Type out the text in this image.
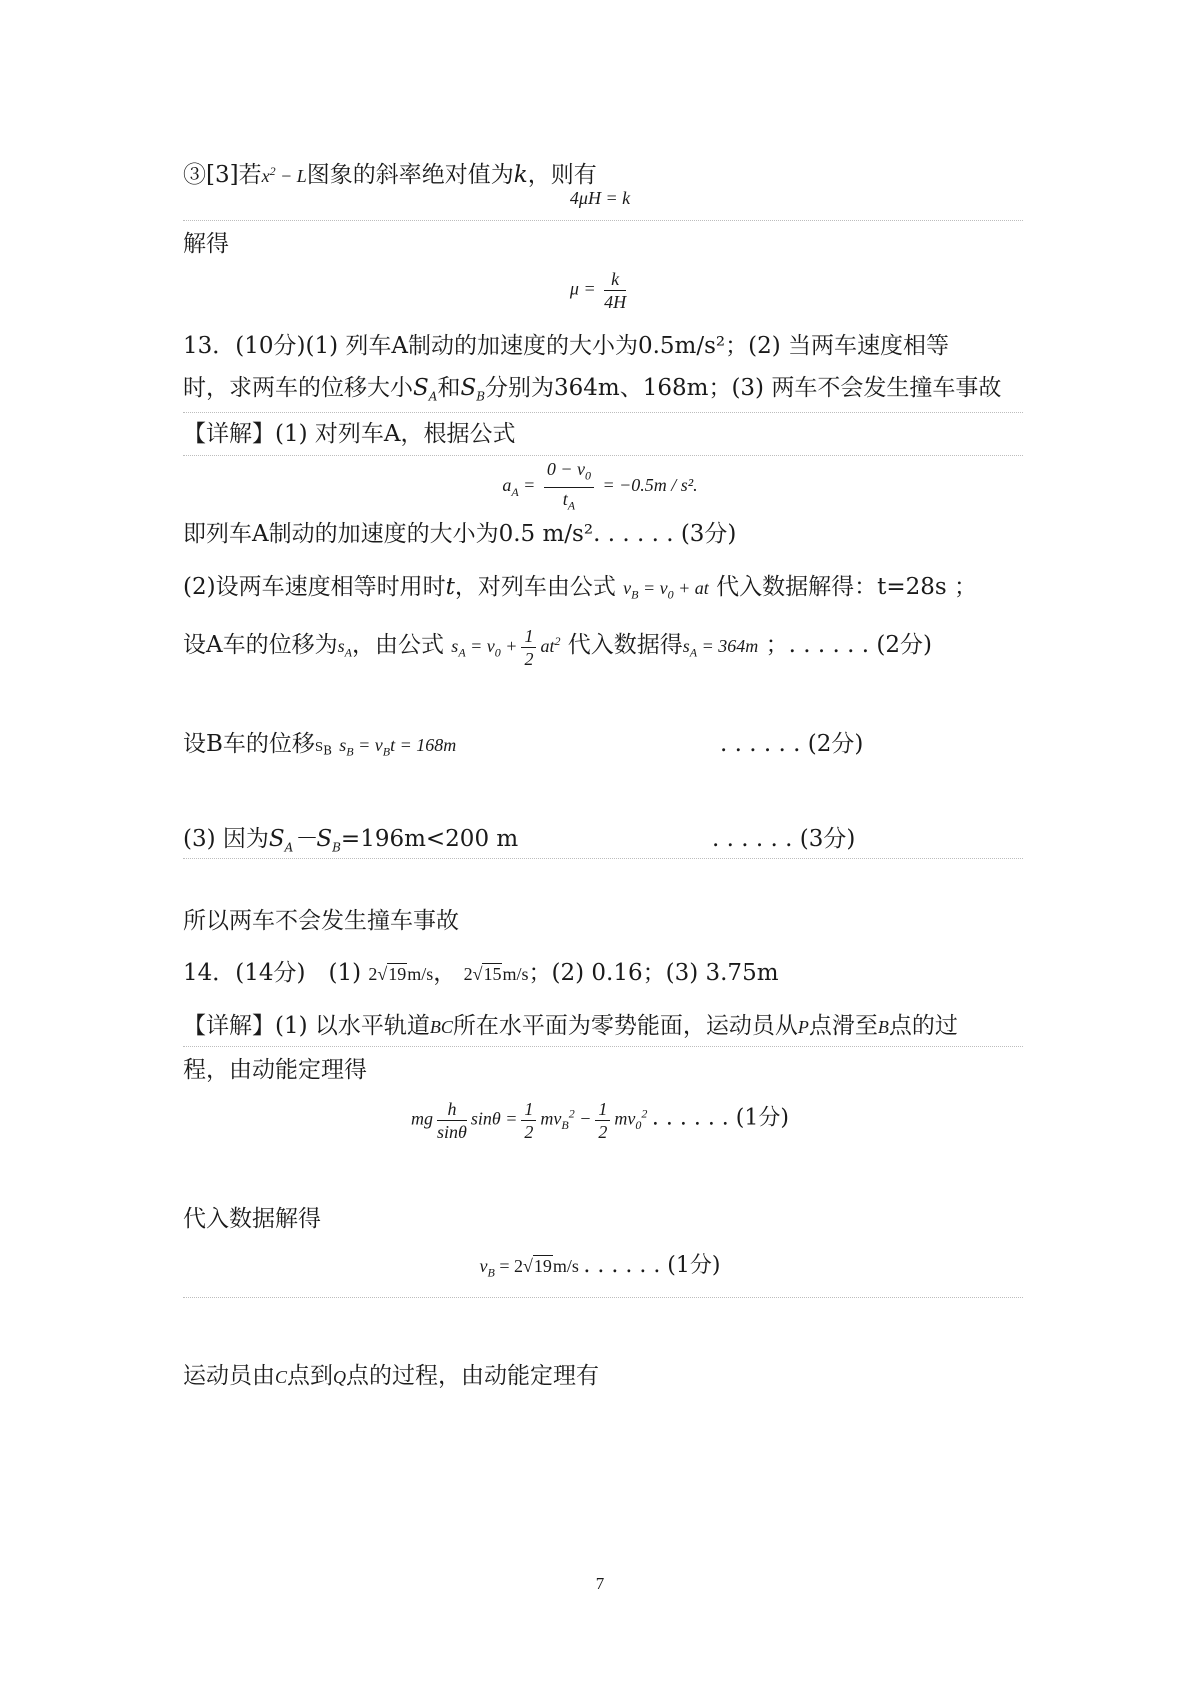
③[3]若$x^2 - L$图象的斜率绝对值为k，则有
4μH = k
解得
$\mu = \frac{k}{4H}$
13．(10分)(1) 列车A制动的加速度的大小为0.5m/s²；(2) 当两车速度相等
时，求两车的位移大小$S_A$和$S_B$分别为364m、168m；(3) 两车不会发生撞车事故
【详解】(1) 对列车A，根据公式
$a_A = \frac{0 - v_0}{t_A} = -0.5m / s^2$.
即列车A制动的加速度的大小为0.5 m/s². . . . . . (3分)
(2)设两车速度相等时用时t，对列车由公式 $v_B = v_0$ + at 代入数据解得：t=28s ；
设A车的位移为$s_A$，由公式 $s_A = v_0 + \frac{1}{2} at^2$ 代入数据得$s_A = 364m$ ；. . . . . . (2分)
设B车的位移$S_B$ $s_B = v_Bt = 168m$	. . . . . . (2分)
(3) 因为$S_A-S_B=196m<200$ m	. . . . . . (3分)
所以两车不会发生撞车事故
14．(14分)　(1) 2√19m/s， 2√15m/s；(2) 0.16；(3) 3.75m
【详解】(1) 以水平轨道BC所在水平面为零势能面，运动员从P点滑至B点的过
程，由动能定理得
mg $\frac{h}{\sin\theta}$ $\sin\theta = \frac{1}{2} mv_B^2 - \frac{1}{2} mv_0^2$ . . . . . . (1分)
代入数据解得
$v_B = 2√19m/s$ . . . . . . (1分)
运动员由C点到Q点的过程，由动能定理有
7
